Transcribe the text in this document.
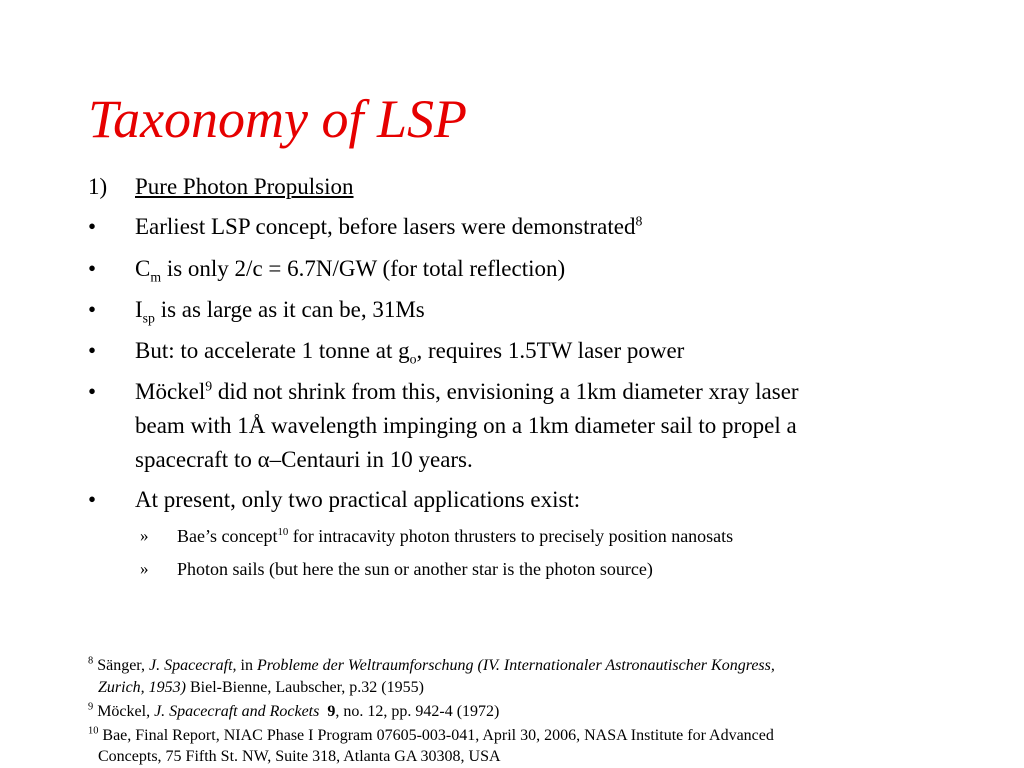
Taxonomy of LSP
1) Pure Photon Propulsion
• Earliest LSP concept, before lasers were demonstrated$^8$
• $C_m$ is only 2/c = 6.7N/GW (for total reflection)
• $I_{sp}$ is as large as it can be, 31Ms
• But: to accelerate 1 tonne at $g_o$, requires 1.5TW laser power
• Möckel$^9$ did not shrink from this, envisioning a 1km diameter xray laser
beam with 1Å wavelength impinging on a 1km diameter sail to propel a
spacecraft to α–Centauri in 10 years.
• At present, only two practical applications exist:
» Bae’s concept$^{10}$ for intracavity photon thrusters to precisely position nanosats
» Photon sails (but here the sun or another star is the photon source)
$^8$ Sänger, J. Spacecraft, in Probleme der Weltraumforschung (IV. Internationaler Astronautischer Kongress,
Zurich, 1953) Biel-Bienne, Laubscher, p.32 (1955)
$^9$ Möckel, J. Spacecraft and Rockets 9, no. 12, pp. 942-4 (1972)
$^{10}$ Bae, Final Report, NIAC Phase I Program 07605-003-041, April 30, 2006, NASA Institute for Advanced
Concepts, 75 Fifth St. NW, Suite 318, Atlanta GA 30308, USA
